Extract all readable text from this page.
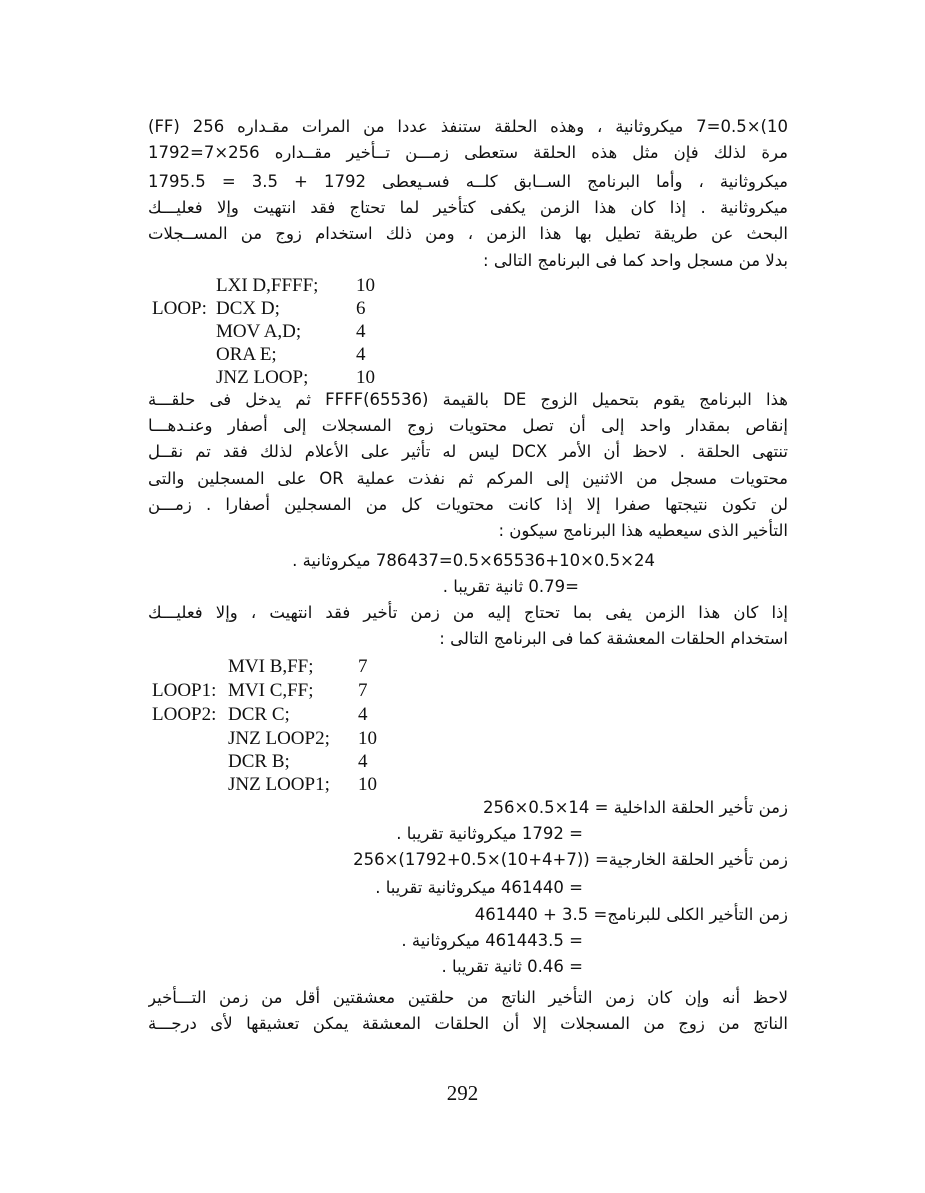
10)×0.5=7 ميكروثانية ، وهذه الحلقة ستنفذ عددا من المرات مقـداره 256 (FF)
مرة لذلك فإن مثل هذه الحلقة ستعطى زمـــن تــأخير مقــداره 256×7=1792
ميكروثانية ، وأما البرنامج الســابق كلــه فسـيعطى 1792 + 3.5 = 1795.5
ميكروثانية . إذا كان هذا الزمن يكفى كتأخير لما تحتاج فقد انتهيت وإلا فعليـــك
البحث عن طريقة تطيل بها هذا الزمن ، ومن ذلك استخدام زوج من المســجلات
بدلا من مسجل واحد كما فى البرنامج التالى :
LXI D,FFFF; 10
LOOP: DCX D;	6
MOV A,D;	4
ORA E;	4
JNZ LOOP;	10
هذا البرنامج يقوم بتحميل الزوج DE بالقيمة FFFF(65536) ثم يدخل فى حلقـــة
إنقاص بمقدار واحد إلى أن تصل محتويات زوج المسجلات إلى أصفار وعنـدهـــا
تنتهى الحلقة . لاحظ أن الأمر DCX ليس له تأثير على الأعلام لذلك فقد تم نقــل
محتويات مسجل من الاثنين إلى المركم ثم نفذت عملية OR على المسجلين والتى
لن تكون نتيجتها صفرا إلا إذا كانت محتويات كل من المسجلين أصفارا . زمـــن
التأخير الذى سيعطيه هذا البرنامج سيكون :
24×0.5×65536+10×0.5=786437 ميكروثانية .
=0.79 ثانية تقريبا .
إذا كان هذا الزمن يفى بما تحتاج إليه من زمن تأخير فقد انتهيت ، وإلا فعليـــك
استخدام الحلقات المعشقة كما فى البرنامج التالى :
MVI B,FF; 7
LOOP1: MVI C,FF; 7
LOOP2: DCR C;	4
JNZ LOOP2; 10
DCR B;	4
JNZ LOOP1; 10
زمن تأخير الحلقة الداخلية = 14×0.5×256
= 1792 ميكروثانية تقريبا .
زمن تأخير الحلقة الخارجية= ((7+4+10)×0.5+1792)×256
= 461440 ميكروثانية تقريبا .
زمن التأخير الكلى للبرنامج= 3.5 + 461440
= 461443.5 ميكروثانية .
= 0.46 ثانية تقريبا .
لاحظ أنه وإن كان زمن التأخير الناتج من حلقتين معشقتين أقل من زمن التـــأخير
الناتج من زوج من المسجلات إلا أن الحلقات المعشقة يمكن تعشيقها لأى درجـــة
292
